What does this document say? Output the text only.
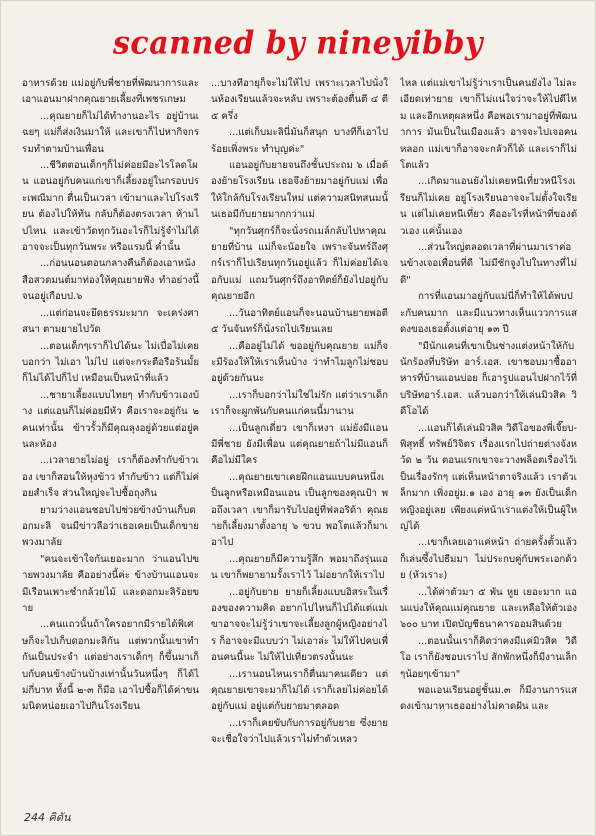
scanned by nineyibby

อาหารด้วย แม่อยู่กับพี่ชายที่พัฒนาการและเอาแอนมาฝากคุณยายเลี้ยงที่เพชรเกษม

...คุณยายก็ไม่ได้ทำงานอะไร อยู่บ้านเฉยๆ แม่ก็ส่งเงินมาให้ และเขาก็ไปหากิจกรรมทำตามบ้านเพื่อน

...ชีวิตตอนเด็กๆก็ไม่ค่อยมีอะไรโลดโผน แอนอยู่กับคนแก่เขาก็เลี้ยงอยู่ในกรอบประเพณีมาก ตื่นเป็นเวลา เข้ามาและไปโรงเรียน ต้องไปให้ทัน กลับก็ต้องตรงเวลา ห้ามไปไหน และเข้าวัดทุกวันอะไรก็ไม่รู้จำไม่ได้ อาจจะเป็นทุกวันพระ หรือแรมนี้ ค่ำนั้น

...ก่อนนอนตอนกลางคืนก็ต้องเอาหนังสือสวดมนต์มาท่องให้คุณยายฟัง ทำอย่างนี้จนอยู่เกือบป.๖

...แต่ก่อนจะยึดธรรมะมาก จะเคร่งศาสนา ตามยายไปวัด

...ตอนเด็กๆเราก็ไปได้นะ ไม่เบื่อไม่เคยบอกว่า ไม่เอา ไม่ไป แต่จะกระตือรือร้นมั้ย ก็ไม่ได้ไปก็ไป เหมือนเป็นหน้าที่แล้ว

...ชายาเลี้ยงแบบไทยๆ ทำกับข้าวเองบ้าง แต่แอนก็ไม่ค่อยมีหัว คือเราจะอยู่กัน ๒ คนเท่านั้น ข้าวรั้วก็มีคุณลุงอยู่ด้วยแต่อยู่คนละห้อง

...เวลายายไม่อยู่ เราก็ต้องทำกับข้าวเอง เขาก็สอนให้หุงข้าว ทำกับข้าว แต่ก็ไม่ค่อยสำเร็จ ส่วนใหญ่จะไปซื้อถุงกิน

ยามว่างแอนชอบไปช่วยข้างบ้านเก็บดอกมะลิ จนมีข่าวลือว่าเธอเคยเป็นเด็กขายพวงมาลัย

"คนจะเข้าใจกันเยอะมาก ว่าแอนไปขายพวงมาลัย คืออย่างนี้ค่ะ ข้างบ้านแอนจะมีเรือนเพาะชำกล้วยไม้ และดอกมะลิร้อยขาย

...คนแถวนั้นถ้าใครอยากมีรายได้พิเศษก็จะไปเก็บดอกมะลิกัน แต่พวกนั้นเขาทำกันเป็นประจำ แต่อย่างเราเด็กๆ ก็ขึ้นมาเก็บกับคนข้างบ้านบ้างเท่านั้นวันหนึ่งๆ ก็ได้ไม่กี่บาท ทั้งนี้ ๒-๓ ก็มีอ เอาไปซื้อก็ได้ค่าขนมนิดหน่อยเอาไปกินโรงเรียน

...บางทีอายุก็จะไม่ให้ไป เพราะเวลาไปนั่งในห้องเรียนแล้วจะหลับ เพราะต้องตื่นตี ๔ ตี ๕ ครึ่ง

...แต่เก็บมะลินี่มันก็สนุก บางทีก็เอาไปร้อยเพิ่งพระ ทำบุญค่ะ"

แอนอยู่กับยายจนถึงชั้นประถม ๖ เมื่อต้องย้ายโรงเรียน เธอจึงย้ายมาอยู่กับแม่ เพื่อให้ใกล้กับโรงเรียนใหม่ แต่ความสนิทสนมนั้นเธอมีกับยายมากกว่าแม่

"ทุกวันศุกร์ก็จะนั่งรถเมล์กลับไปหาคุณยายที่บ้าน แม่ก็จะน้อยใจ เพราะจันทร์ถึงศุกร์เราก็ไปเรียนทุกวันอยู่แล้ว ก็ไม่ค่อยได้เจอกับแม่ แถมวันศุกร์ถึงอาทิตย์ก็ยังไปอยู่กับคุณยายอีก

...วันอาทิตย์แอนก็จะนอนบ้านยายพอตี ๕ วันจันทร์ก็นั่งรถไปเรียนเลย

...คืออยู่ไม่ได้ ขออยู่กับคุณยาย แม่ก็จะมีร้องให้ให้เราเห็นบ้าง ว่าทำไมลูกไม่ชอบอยู่ด้วยกันนะ

...เราก็บอกว่าไม่ใช่ไม่รัก แต่ว่าเราเด็กเราก็จะผูกพันกับคนแก่คนนี้มานาน

...เป็นลูกเดี่ยว เขาก็เหงา แม่ยังมีแอน มีพี่ชาย ยังมีเพื่อน แต่คุณยายถ้าไม่มีแอนก็คือไม่มีใคร

...คุณยายเขาเคยฝึกแอนแบบคนหนึ่งเป็นลูกหรือเหมือนแอน เป็นลูกของคุณป้า พอถึงเวลา เขาก็มารับไปอยู่ที่ฟลอริด้า คุณยายก็เลี้ยงมาตั้งอายุ ๖ ขวบ พอโตแล้วก็มาเอาไป

...คุณยายก็มีความรู้สึก พอมาถึงรุ่นแอน เขาก็พยายามรั้งเราไว้ ไม่อยากให้เราไป

...อยู่กับยาย ยายก็เลี้ยงแบบอิสระในเรื่องของความคิด อยากไปไหนก็ไปได้แต่แม่เขาอาจจะไม่รู้ว่าเขาจะเลี้ยงลูกผู้หญิงอย่างไร ก็อาจจะมีแบบว่า ไม่เอาล่ะ ไม่ให้ไปคบเพื่อนคนนี้นะ ไม่ให้ไปเที่ยวตรงนั้นนะ

...เรานอนไหนเราก็ตื่นมาคนเดียว แต่คุณยายเขาจะมาก็ไม่ได้ เราก็เลยไม่ค่อยได้อยู่กับแม่ อยู่แต่กับยายมาตลอด

...เราก็เคยขับกับการอยู่กับยาย ซึ่งยายจะเชื่อใจว่าไปแล้วเราไม่ทำตัวเหลว

ไหล แต่แม่เขาไม่รู้ว่าเราเป็นคนยังไง ไม่ละเอียดเท่ายาย เขาก็ไม่แน่ใจว่าจะให้ไปดีไหม และอีกเหตุผลหนึ่ง คือพอเรามาอยู่ที่พัฒนาการ มันเป็นในเมืองแล้ว อาจจะไปเจอคนหลอก แม่เขาก็อาจจะกลัวก็ได้ และเราก็ไม่โตแล้ว

...เกิดมาแอนยังไม่เคยหนีเที่ยวหนีโรงเรียนก็ไม่เคย อยู่โรงเรียนอาจจะไม่ตั้งใจเรียน แต่ไม่เคยหนีเที่ยว คืออะไรที่หน้าที่ของตัวเอง แค่นั้นเอง

...ส่วนใหญ่ตลอดเวลาที่ผ่านมาเราค่อนข้างเจอเพื่อนที่ดี ไม่มีชักจูงไปในทางที่ไม่ดี"

การที่แอนมาอยู่กับแม่นี่ก็ทำให้ได้พบปะกับคนมาก และมีแนวทางเห็นแววการแสดงของเธอตั้งแต่อายุ ๑๓ ปี

"มีนักแคนที่เขาเป็นช่างแต่งหน้าให้กับนักร้องที่บริษัท อาร์.เอส. เขาชอบมาซื้ออาหารที่บ้านแอนบ่อย ก็เอารูปแอนไปฝากไว้ที่บริษัทอาร์.เอส. แล้วบอกว่าให้เล่นมิวสิค วิดีโอได้

...แอนก็ได้เล่นมิวสิค วิดีโอของพี่เจี๊ยบ-พิสุทธิ์ ทรัพย์วิจิตร เรื่องแรกไปถ่ายต่างจังหวัด ๒ วัน ตอนแรกเขาจะวางพล็อตเรื่องไว้เป็นเรื่องรักๆ แต่เห็นหน้าตาจริงแล้ว เราตัวเล็กมาก เพิ่งอยู่ม.๑ เอง อายุ ๑๓ ยังเป็นเด็กหญิงอยู่เลย เพียงแต่หน้าเราแต่งให้เป็นผู้ใหญ่ได้

...เขาก็เลยเอาแค่หน้า ถ่ายครั้งตั้วแล้วก็เล่นซึ้งไปธีมมา ไม่ประกบคู่กับพระเอกด้วย (หัวเราะ)

...ได้ค่าตัวมา ๕ พัน หูย เยอะมาก แอนแบ่งให้คุณแม่คุณยาย และเหลือให้ตัวเอง ๖๐๐ บาท เปิดบัญชีธนาคารออมสินด้วย

...ตอนนั้นเราก็คิดว่าคงมีแค่มิวสิค วิดีโอ เราก็ยังชอบเราไป สักพักหนึ่งก็มีงานเล็กๆน้อยๆเข้ามา"

พอแอนเรียนอยู่ชั้นม.๓ ก็มีงานการแสดงเข้ามาหาเธออย่างไม่คาดฝัน และ

244 คิดัน
